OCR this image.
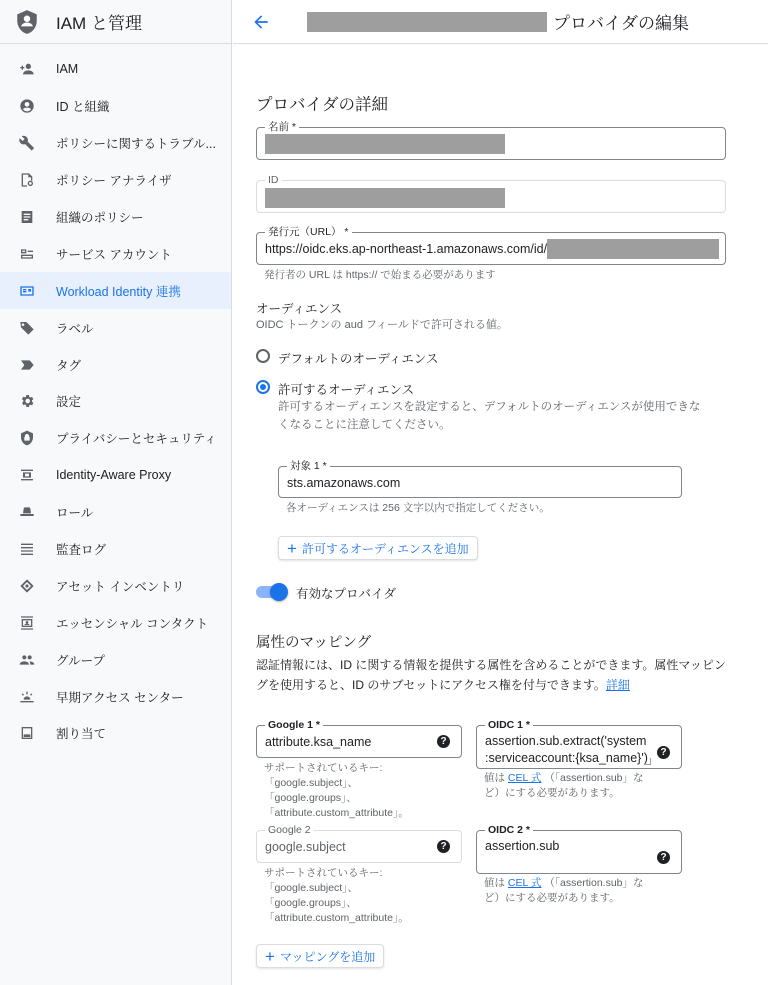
IAM と管理
IAM
ID と組織
ポリシーに関するトラブル...
ポリシー アナライザ
組織のポリシー
サービス アカウント
Workload Identity 連携
ラベル
タグ
設定
プライバシーとセキュリティ
Identity-Aware Proxy
ロール
監査ログ
アセット インベントリ
エッセンシャル コンタクト
グループ
早期アクセス センター
割り当て
プロバイダの編集
プロバイダの詳細
名前 *
ID
発行元（URL） *
https://oidc.eks.ap-northeast-1.amazonaws.com/id/
発行者の URL は https:// で始まる必要があります
オーディエンス
OIDC トークンの aud フィールドで許可される値。
デフォルトのオーディエンス
許可するオーディエンス
許可するオーディエンスを設定すると、デフォルトのオーディエンスが使用できな
くなることに注意してください。
対象 1 *
sts.amazonaws.com
各オーディエンスは 256 文字以内で指定してください。
+ 許可するオーディエンスを追加
有効なプロバイダ
属性のマッピング
認証情報には、ID に関する情報を提供する属性を含めることができます。属性マッピン
グを使用すると、ID のサブセットにアクセス権を付与できます。詳細
Google 1 *
attribute.ksa_name	?
サポートされているキー:
「google.subject」、
「google.groups」、
「attribute.custom_attribute」。
OIDC 1 *
assertion.sub.extract('system
:serviceaccount:{ksa_name}')	?
値は CEL 式 （「assertion.sub」な
ど）にする必要があります。
Google 2
google.subject	?
サポートされているキー:
「google.subject」、
「google.groups」、
「attribute.custom_attribute」。
OIDC 2 *
assertion.sub
?
値は CEL 式 （「assertion.sub」な
ど）にする必要があります。
+ マッピングを追加
